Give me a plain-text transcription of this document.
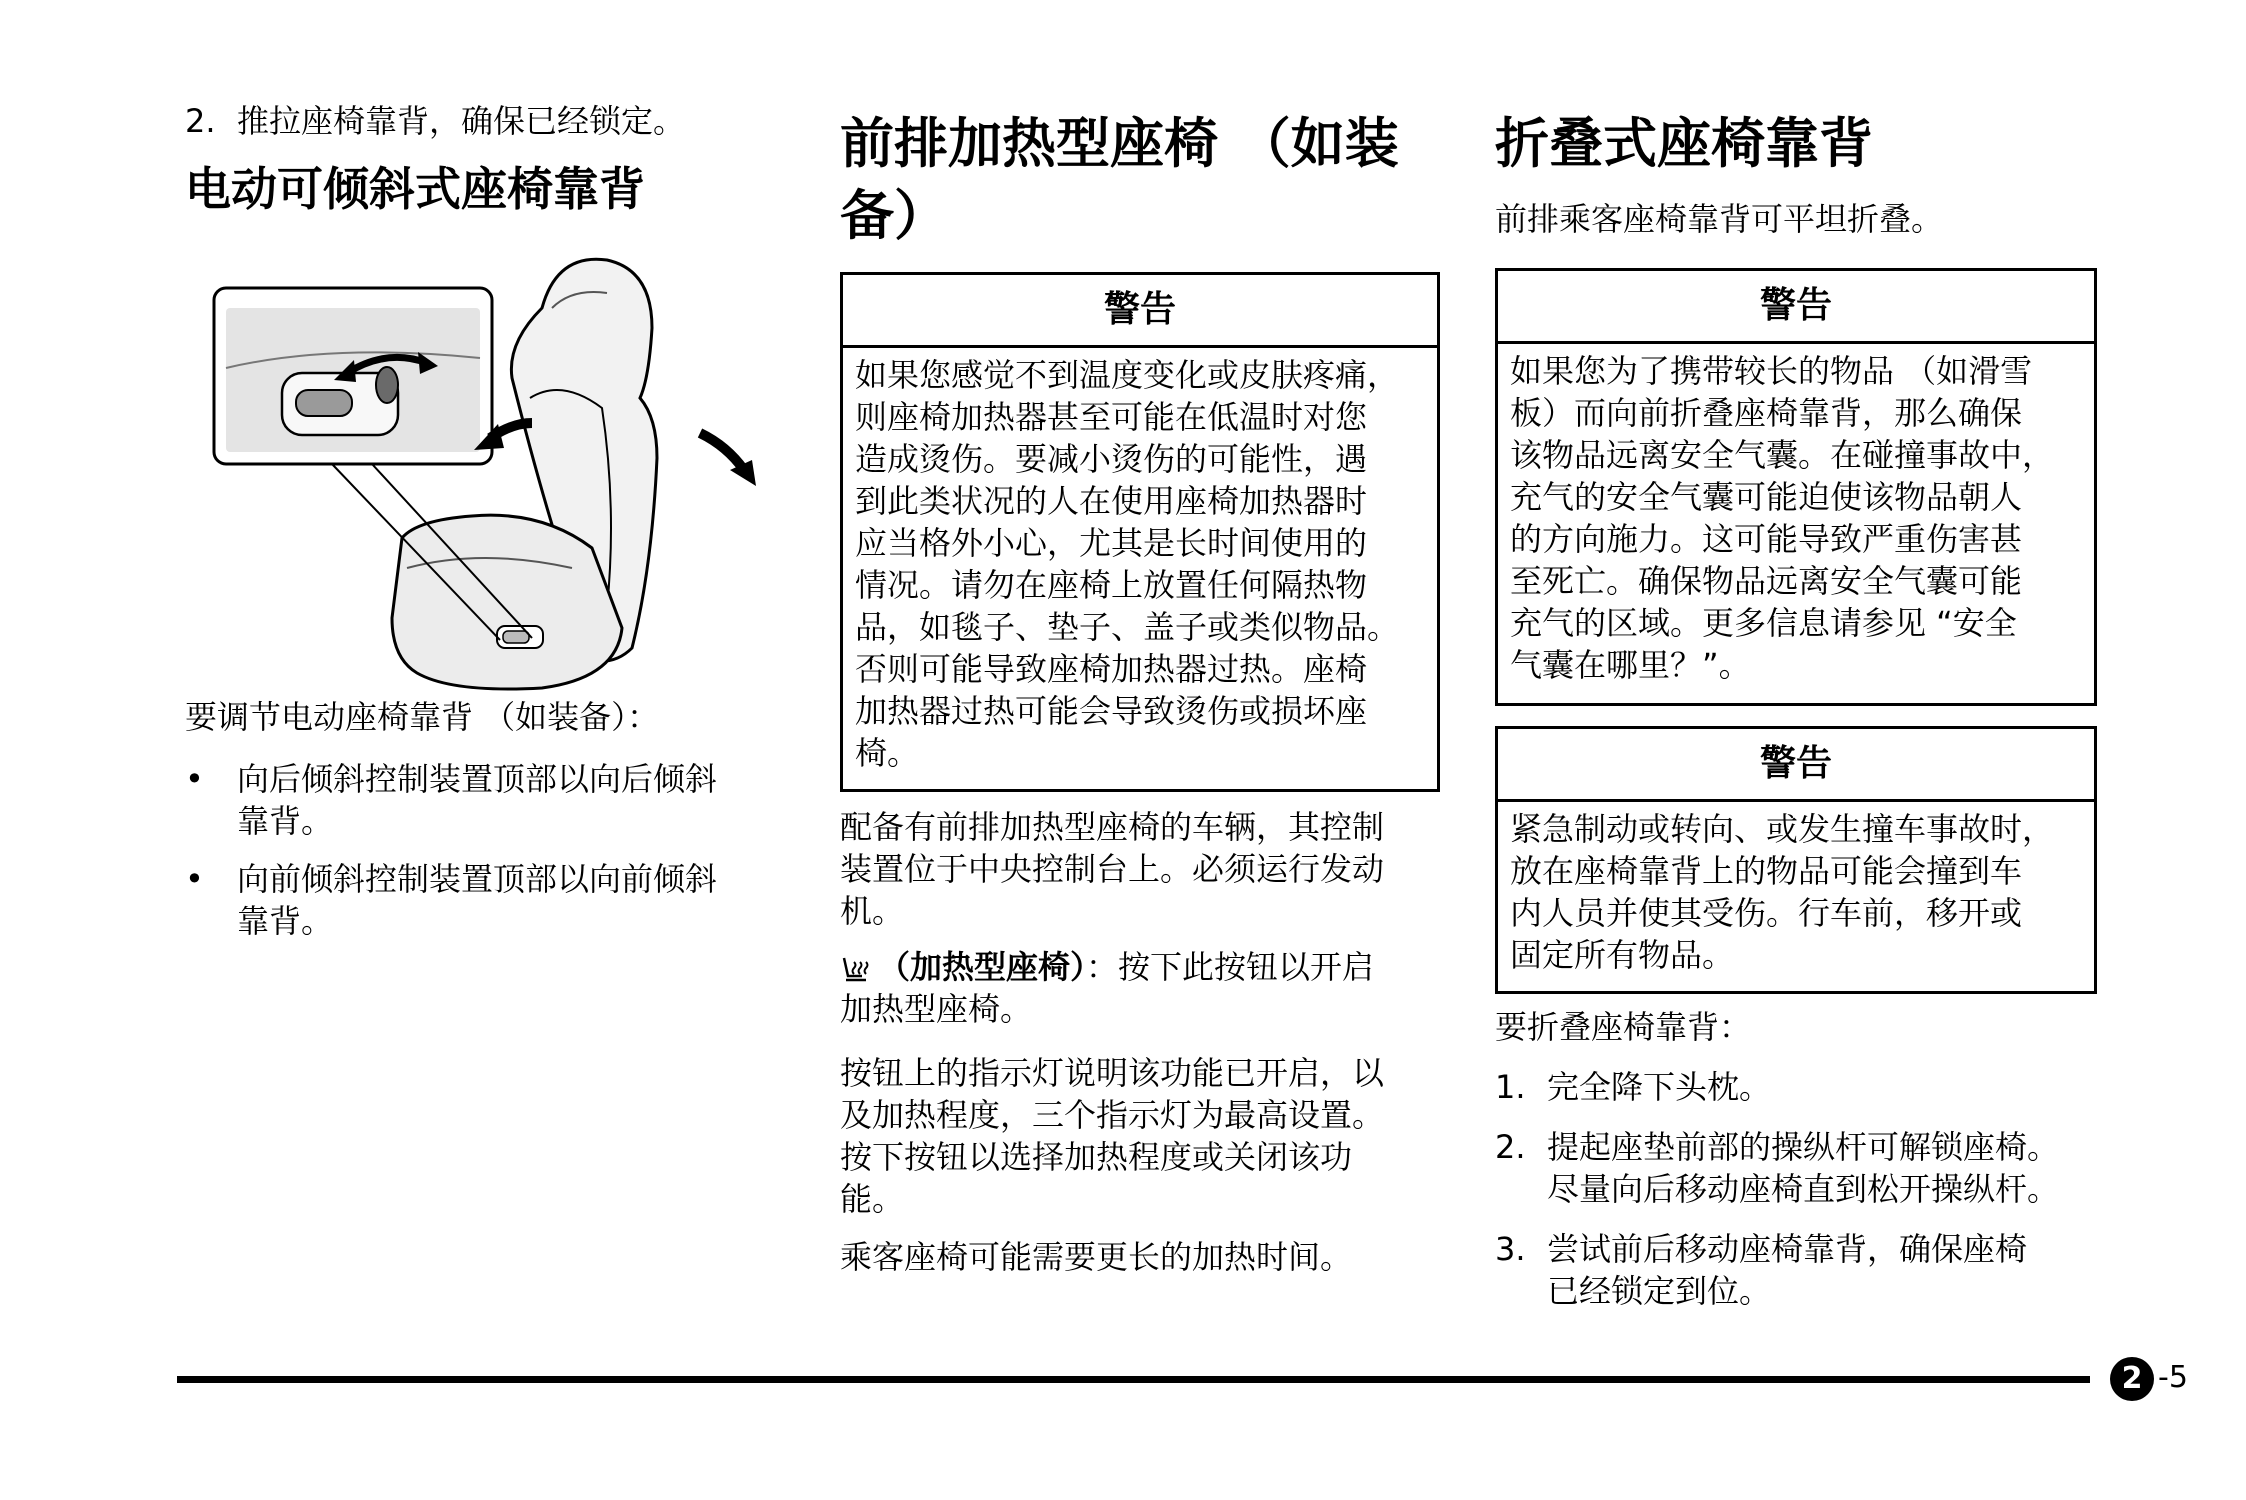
2. 推拉座椅靠背，确保已经锁定。
电动可倾斜式座椅靠背
要调节电动座椅靠背 （如装备）：
• 向后倾斜控制装置顶部以向后倾斜
靠背。
• 向前倾斜控制装置顶部以向前倾斜
靠背。
前排加热型座椅 （如装
备）
警告
如果您感觉不到温度变化或皮肤疼痛，
则座椅加热器甚至可能在低温时对您
造成烫伤。要减小烫伤的可能性，遇
到此类状况的人在使用座椅加热器时
应当格外小心，尤其是长时间使用的
情况。请勿在座椅上放置任何隔热物
品，如毯子、垫子、盖子或类似物品。
否则可能导致座椅加热器过热。座椅
加热器过热可能会导致烫伤或损坏座
椅。
配备有前排加热型座椅的车辆，其控制
装置位于中央控制台上。必须运行发动
机。
（加热型座椅）：按下此按钮以开启
加热型座椅。
按钮上的指示灯说明该功能已开启，以
及加热程度，三个指示灯为最高设置。
按下按钮以选择加热程度或关闭该功
能。
乘客座椅可能需要更长的加热时间。
折叠式座椅靠背
前排乘客座椅靠背可平坦折叠。
警告
如果您为了携带较长的物品 （如滑雪
板）而向前折叠座椅靠背，那么确保
该物品远离安全气囊。在碰撞事故中，
充气的安全气囊可能迫使该物品朝人
的方向施力。这可能导致严重伤害甚
至死亡。确保物品远离安全气囊可能
充气的区域。更多信息请参见 “安全
气囊在哪里？”。
警告
紧急制动或转向、或发生撞车事故时，
放在座椅靠背上的物品可能会撞到车
内人员并使其受伤。行车前，移开或
固定所有物品。
要折叠座椅靠背：
1. 完全降下头枕。
2. 提起座垫前部的操纵杆可解锁座椅。
尽量向后移动座椅直到松开操纵杆。
3. 尝试前后移动座椅靠背，确保座椅
已经锁定到位。
2 -5
